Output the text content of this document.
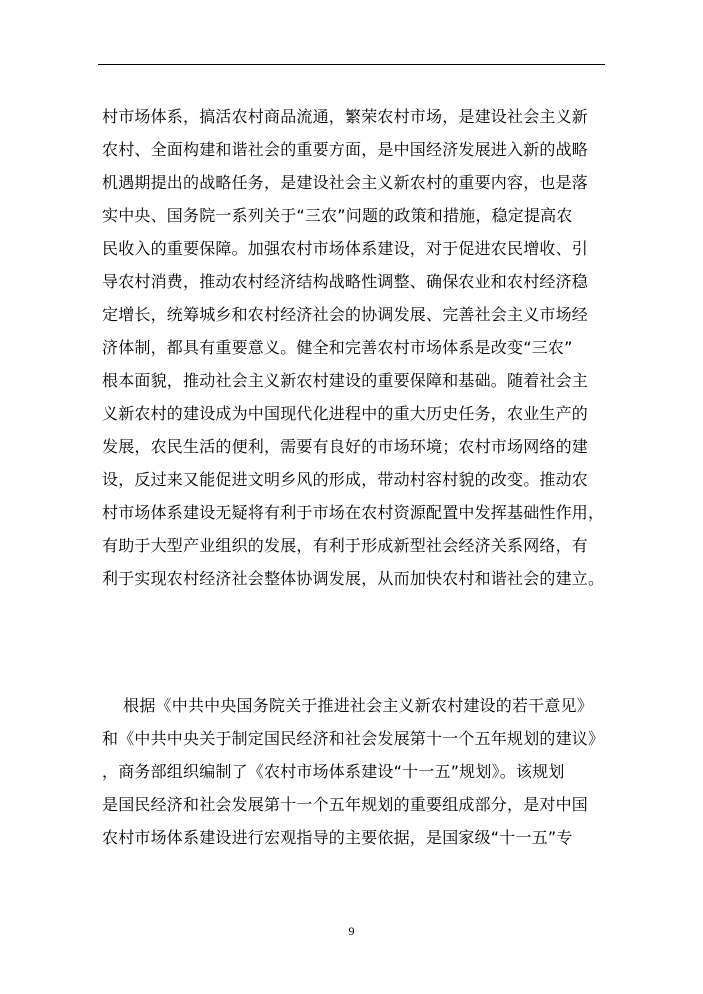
村市场体系，搞活农村商品流通，繁荣农村市场，是建设社会主义新
农村、全面构建和谐社会的重要方面，是中国经济发展进入新的战略
机遇期提出的战略任务，是建设社会主义新农村的重要内容，也是落
实中央、国务院一系列关于“三农”问题的政策和措施，稳定提高农
民收入的重要保障。加强农村市场体系建设，对于促进农民增收、引
导农村消费，推动农村经济结构战略性调整、确保农业和农村经济稳
定增长，统筹城乡和农村经济社会的协调发展、完善社会主义市场经
济体制，都具有重要意义。健全和完善农村市场体系是改变“三农”
根本面貌，推动社会主义新农村建设的重要保障和基础。随着社会主
义新农村的建设成为中国现代化进程中的重大历史任务，农业生产的
发展，农民生活的便利，需要有良好的市场环境；农村市场网络的建
设，反过来又能促进文明乡风的形成，带动村容村貌的改变。推动农
村市场体系建设无疑将有利于市场在农村资源配置中发挥基础性作用，
有助于大型产业组织的发展，有利于形成新型社会经济关系网络，有
利于实现农村经济社会整体协调发展，从而加快农村和谐社会的建立。
根据《中共中央国务院关于推进社会主义新农村建设的若干意见》
和《中共中央关于制定国民经济和社会发展第十一个五年规划的建议》
，商务部组织编制了《农村市场体系建设“十一五”规划》。该规划
是国民经济和社会发展第十一个五年规划的重要组成部分，是对中国
农村市场体系建设进行宏观指导的主要依据，是国家级“十一五”专
9
